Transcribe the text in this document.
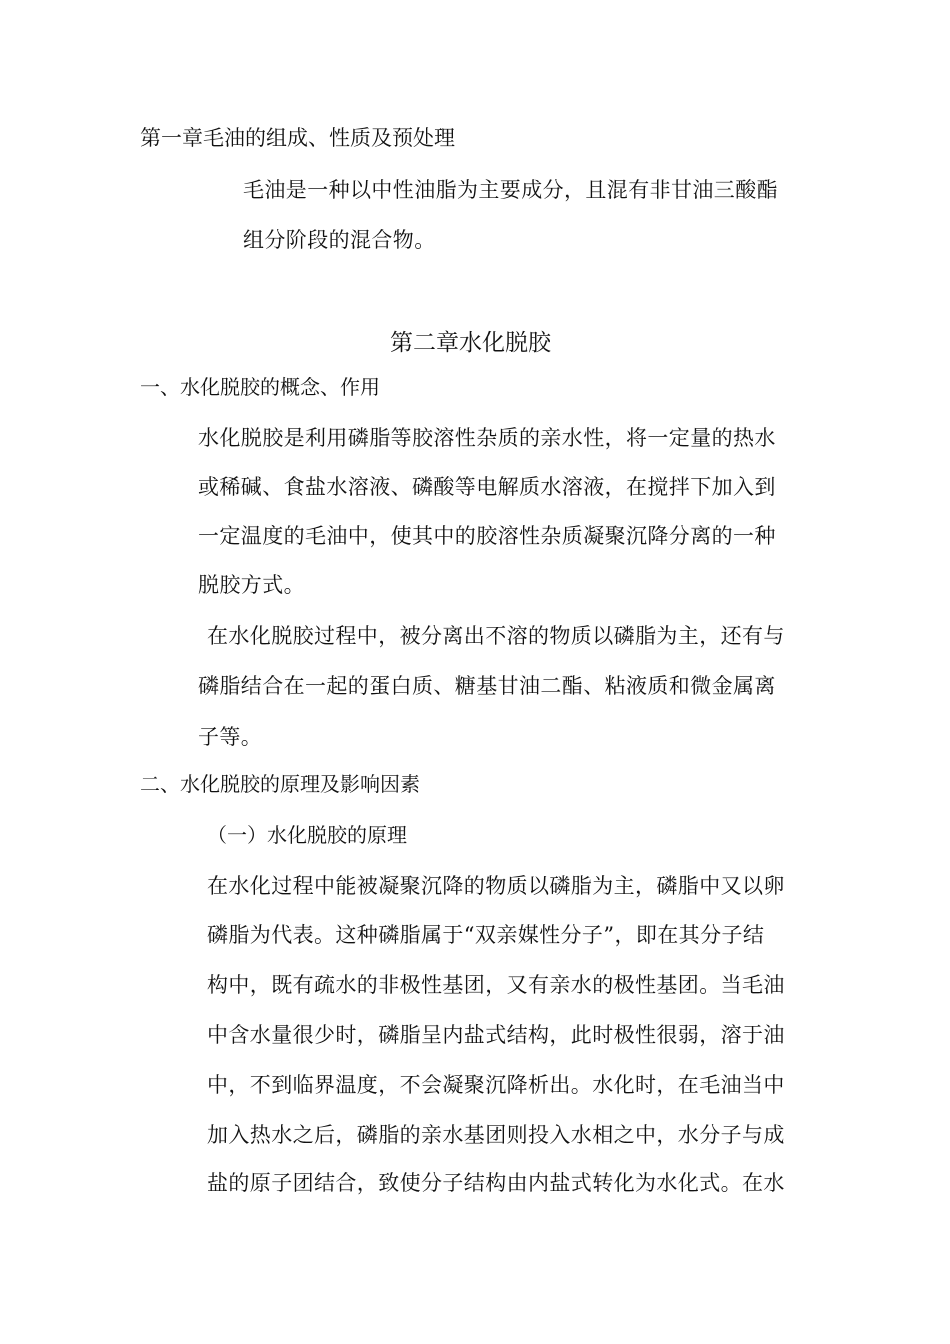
第一章毛油的组成、性质及预处理
毛油是一种以中性油脂为主要成分，且混有非甘油三酸酯
组分阶段的混合物。
第二章水化脱胶
一、水化脱胶的概念、作用
水化脱胶是利用磷脂等胶溶性杂质的亲水性，将一定量的热水
或稀碱、食盐水溶液、磷酸等电解质水溶液，在搅拌下加入到
一定温度的毛油中，使其中的胶溶性杂质凝聚沉降分离的一种
脱胶方式。
在水化脱胶过程中，被分离出不溶的物质以磷脂为主，还有与
磷脂结合在一起的蛋白质、糖基甘油二酯、粘液质和微金属离
子等。
二、水化脱胶的原理及影响因素
（一）水化脱胶的原理
在水化过程中能被凝聚沉降的物质以磷脂为主，磷脂中又以卵
磷脂为代表。这种磷脂属于“双亲媒性分子”，即在其分子结
构中，既有疏水的非极性基团，又有亲水的极性基团。当毛油
中含水量很少时，磷脂呈内盐式结构，此时极性很弱，溶于油
中，不到临界温度，不会凝聚沉降析出。水化时，在毛油当中
加入热水之后，磷脂的亲水基团则投入水相之中，水分子与成
盐的原子团结合，致使分子结构由内盐式转化为水化式。在水
